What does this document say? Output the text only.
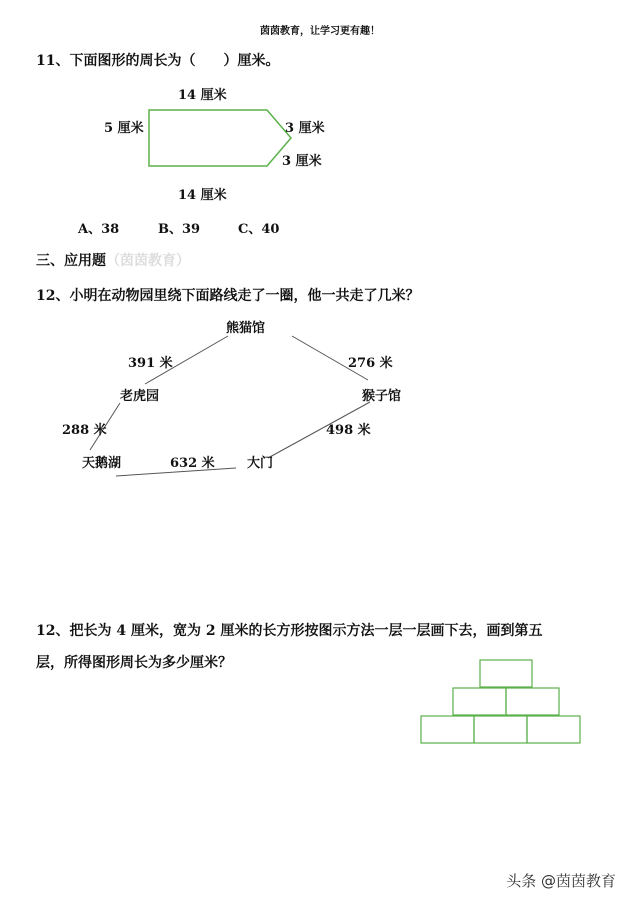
茵茵教育，让学习更有趣！
11、下面图形的周长为（　　）厘米。
14 厘米
5 厘米	3 厘米
3 厘米
14 厘米
A、38	B、39	C、40
三、应用题（茵茵教育）
12、小明在动物园里绕下面路线走了一圈，他一共走了几米？
熊猫馆
391 米	276 米
老虎园	猴子馆
288 米	498 米
天鹅湖	632 米 大门
12、把长为 4 厘米，宽为 2 厘米的长方形按图示方法一层一层画下去，画到第五
层，所得图形周长为多少厘米？
头条 @茵茵教育
